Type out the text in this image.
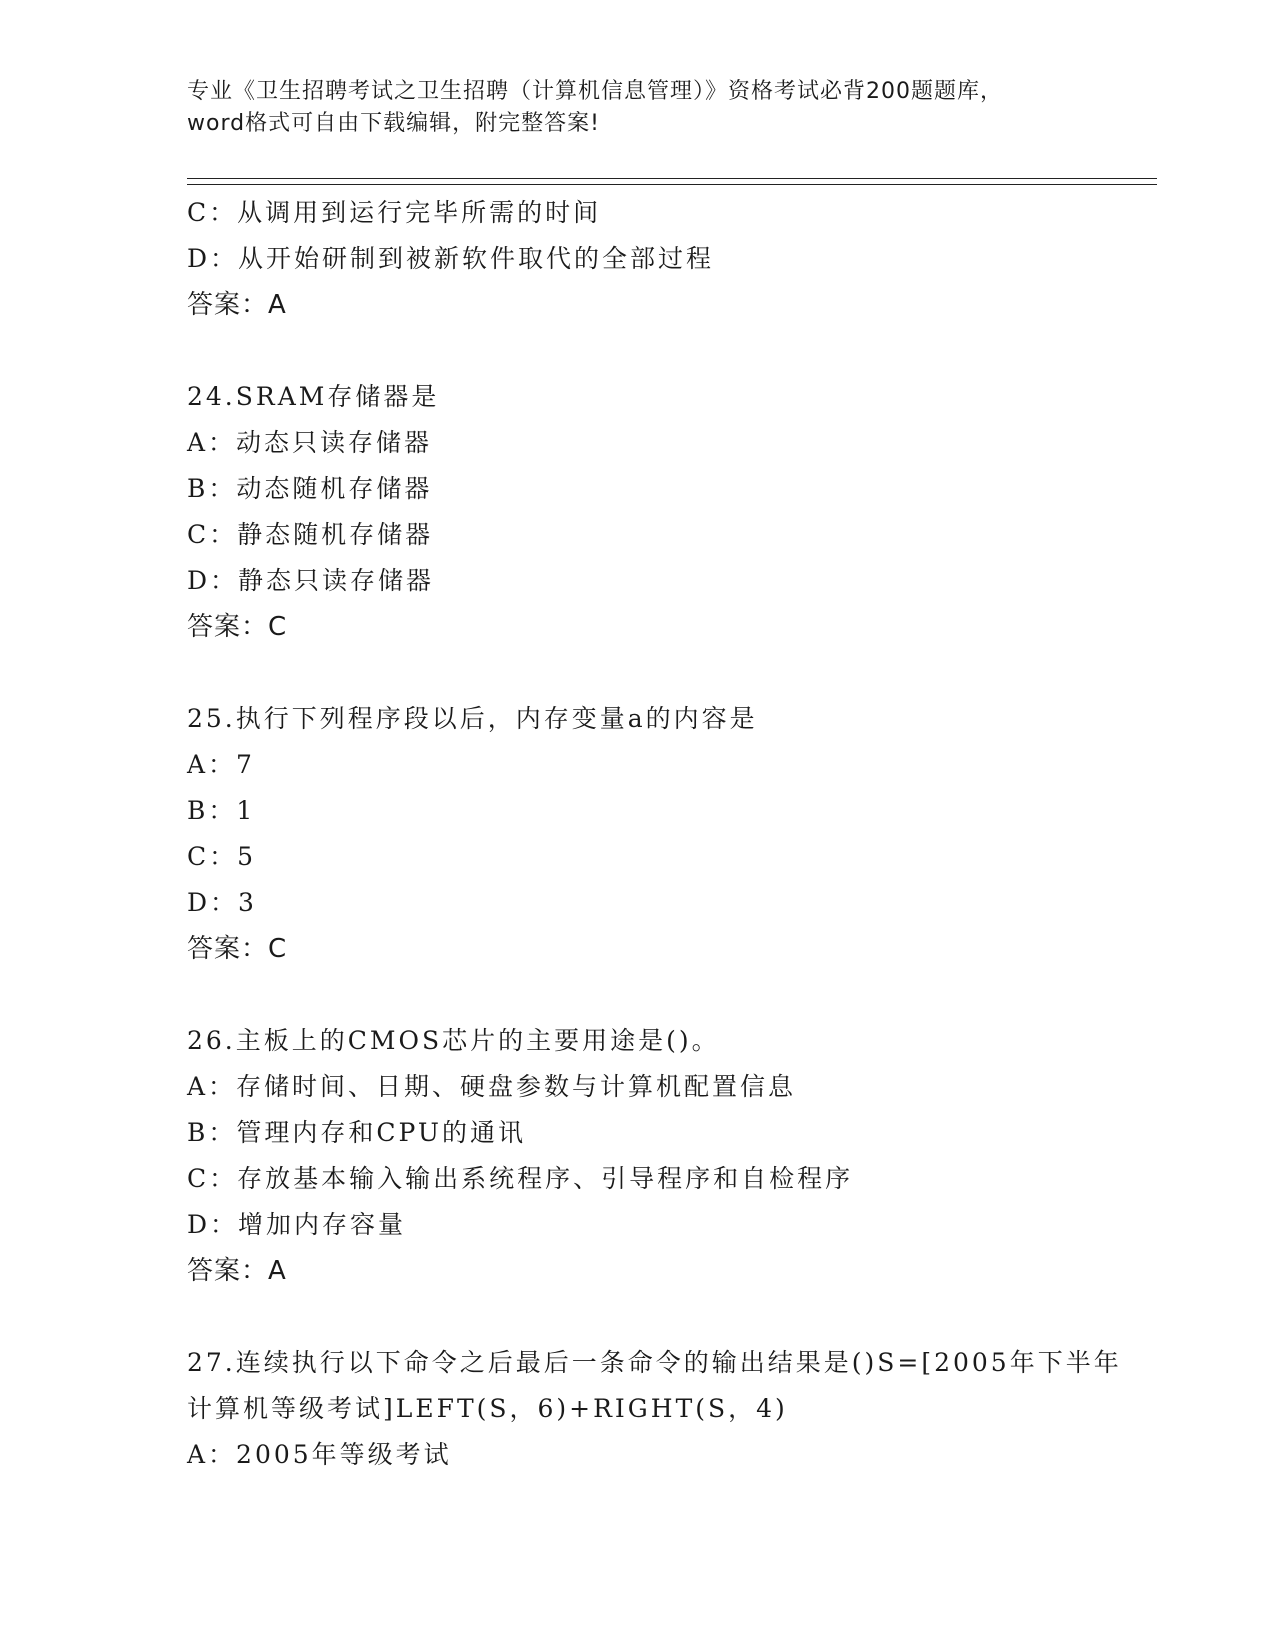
专业《卫生招聘考试之卫生招聘（计算机信息管理）》资格考试必背200题题库，
word格式可自由下载编辑，附完整答案!
C：从调用到运行完毕所需的时间
D：从开始研制到被新软件取代的全部过程
答案：A
24.SRAM存储器是
A：动态只读存储器
B：动态随机存储器
C：静态随机存储器
D：静态只读存储器
答案：C
25.执行下列程序段以后，内存变量a的内容是
A：7
B：1
C：5
D：3
答案：C
26.主板上的CMOS芯片的主要用途是()。
A：存储时间、日期、硬盘参数与计算机配置信息
B：管理内存和CPU的通讯
C：存放基本输入输出系统程序、引导程序和自检程序
D：增加内存容量
答案：A
27.连续执行以下命令之后最后一条命令的输出结果是()S=[2005年下半年计算机等级考试]LEFT(S，6)+RIGHT(S，4)
A：2005年等级考试
